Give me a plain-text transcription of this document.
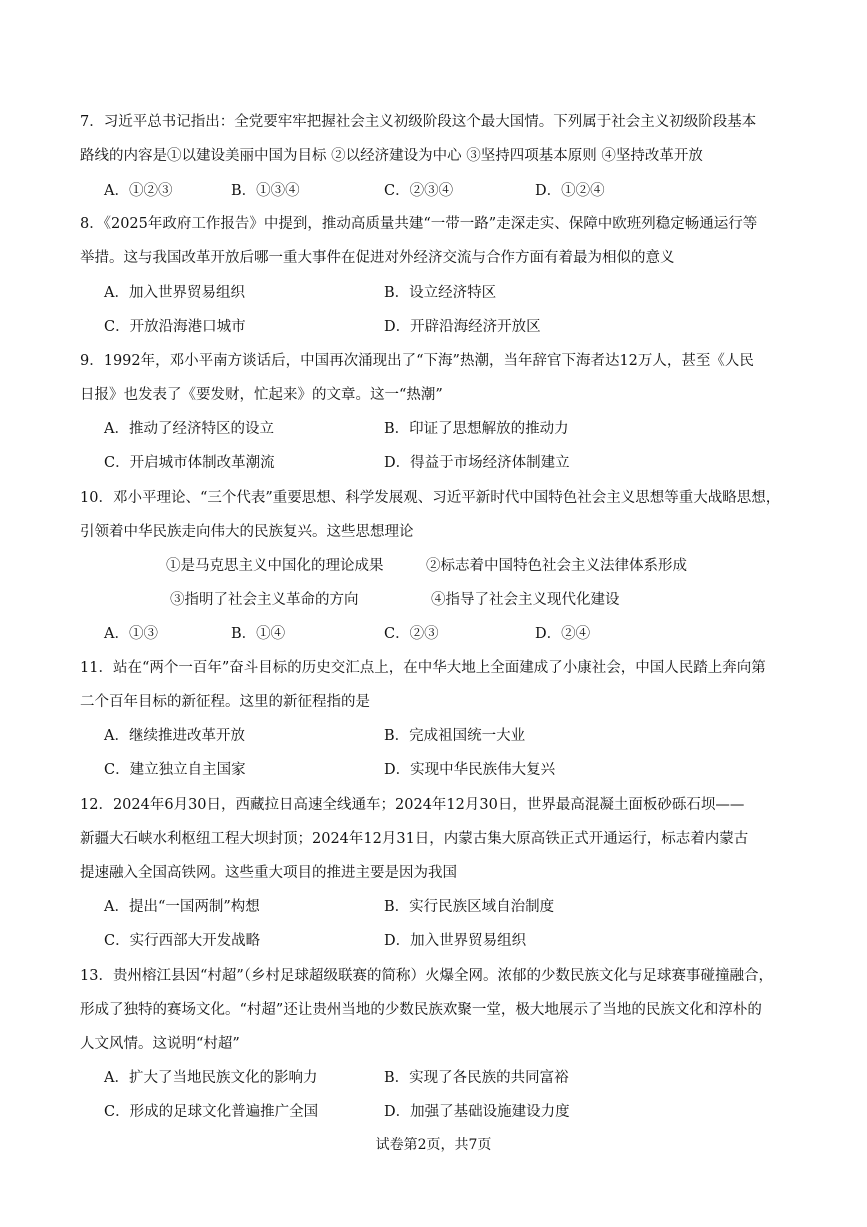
7．习近平总书记指出：全党要牢牢把握社会主义初级阶段这个最大国情。下列属于社会主义初级阶段基本
路线的内容是①以建设美丽中国为目标 ②以经济建设为中心 ③坚持四项基本原则 ④坚持改革开放
A．①②③	B．①③④	C．②③④	D．①②④
8．《2025年政府工作报告》中提到，推动高质量共建“一带一路”走深走实、保障中欧班列稳定畅通运行等
举措。这与我国改革开放后哪一重大事件在促进对外经济交流与合作方面有着最为相似的意义
A．加入世界贸易组织	B．设立经济特区
C．开放沿海港口城市	D．开辟沿海经济开放区
9．1992年，邓小平南方谈话后，中国再次涌现出了“下海”热潮，当年辞官下海者达12万人，甚至《人民
日报》也发表了《要发财，忙起来》的文章。这一“热潮”
A．推动了经济特区的设立	B．印证了思想解放的推动力
C．开启城市体制改革潮流	D．得益于市场经济体制建立
10．邓小平理论、“三个代表”重要思想、科学发展观、习近平新时代中国特色社会主义思想等重大战略思想，
引领着中华民族走向伟大的民族复兴。这些思想理论
①是马克思主义中国化的理论成果	②标志着中国特色社会主义法律体系形成
③指明了社会主义革命的方向	④指导了社会主义现代化建设
A．①③	B．①④	C．②③	D．②④
11．站在“两个一百年”奋斗目标的历史交汇点上，在中华大地上全面建成了小康社会，中国人民踏上奔向第
二个百年目标的新征程。这里的新征程指的是
A．继续推进改革开放	B．完成祖国统一大业
C．建立独立自主国家	D．实现中华民族伟大复兴
12．2024年6月30日，西藏拉日高速全线通车；2024年12月30日，世界最高混凝土面板砂砾石坝——
新疆大石峡水利枢纽工程大坝封顶；2024年12月31日，内蒙古集大原高铁正式开通运行，标志着内蒙古
提速融入全国高铁网。这些重大项目的推进主要是因为我国
A．提出“一国两制”构想	B．实行民族区域自治制度
C．实行西部大开发战略	D．加入世界贸易组织
13．贵州榕江县因“村超”（乡村足球超级联赛的简称）火爆全网。浓郁的少数民族文化与足球赛事碰撞融合，
形成了独特的赛场文化。“村超”还让贵州当地的少数民族欢聚一堂，极大地展示了当地的民族文化和淳朴的
人文风情。这说明“村超”
A．扩大了当地民族文化的影响力	B．实现了各民族的共同富裕
C．形成的足球文化普遍推广全国	D．加强了基础设施建设力度
试卷第2页，共7页
